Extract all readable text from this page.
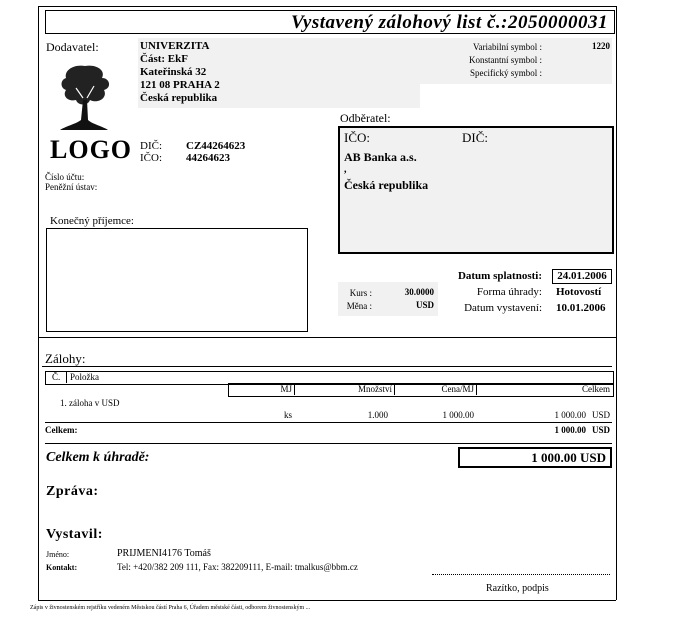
Vystavený zálohový list č.:2050000031
Dodavatel:	UNIVERZITA
Část: EkF
Kateřinská 32
121 08 PRAHA 2
Česká republika
Variabilní symbol :	1220
Konstantní symbol :
Specifický symbol :
LOGO DIČ: CZ44264623
IČO: 44264623
Číslo účtu:
Peněžní ústav:
Odběratel:
IČO:	DIČ:
AB Banka a.s.
,
Česká republika
Konečný příjemce:
Kurs :	30.0000
Měna :	USD
Datum splatnosti:	24.01.2006
Forma úhrady: Hotovostí
Datum vystavení: 10.01.2006
Zálohy:
Č. Položka
MJ	Množství	Cena/MJ	Celkem
1. záloha v USD
ks	1.000	1 000.00	1 000.00 USD
Celkem:	1 000.00 USD
Celkem k úhradě:	1 000.00 USD
Zpráva:
Vystavil:
Jméno:	PRIJMENI4176 Tomáš
Kontakt:	Tel: +420/382 209 111, Fax: 382209111, E-mail: tmalkus@bbm.cz
Razítko, podpis
Zápis v živnostenském rejstříku vedeném Městskou částí Praha 6, Úřadem městské části, odborem živnostenským ...
